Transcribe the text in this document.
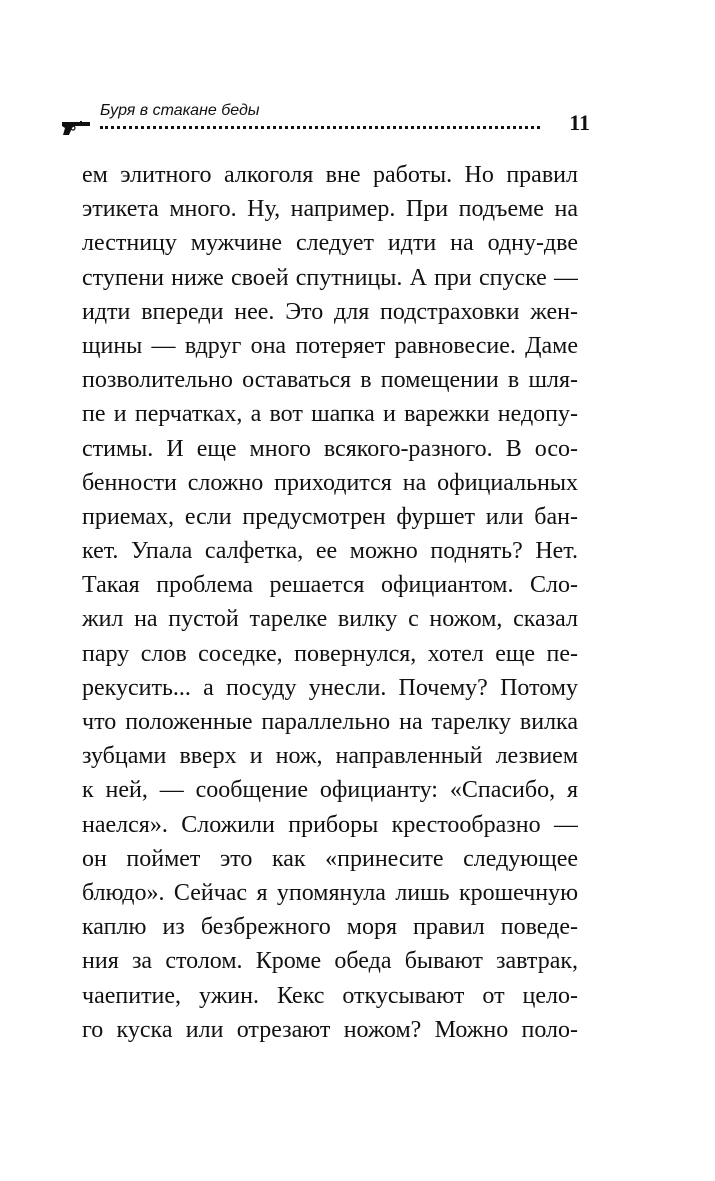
Буря в стакане беды	11
ем элитного алкоголя вне работы. Но правил
этикета много. Ну, например. При подъеме на
лестницу мужчине следует идти на одну-две
ступени ниже своей спутницы. А при спуске —
идти впереди нее. Это для подстраховки жен-
щины — вдруг она потеряет равновесие. Даме
позволительно оставаться в помещении в шля-
пе и перчатках, а вот шапка и варежки недопу-
стимы. И еще много всякого-разного. В осо-
бенности сложно приходится на официальных
приемах, если предусмотрен фуршет или бан-
кет. Упала салфетка, ее можно поднять? Нет.
Такая проблема решается официантом. Сло-
жил на пустой тарелке вилку с ножом, сказал
пару слов соседке, повернулся, хотел еще пе-
рекусить... а посуду унесли. Почему? Потому
что положенные параллельно на тарелку вилка
зубцами вверх и нож, направленный лезвием
к ней, — сообщение официанту: «Спасибо, я
наелся». Сложили приборы крестообразно —
он поймет это как «принесите следующее
блюдо». Сейчас я упомянула лишь крошечную
каплю из безбрежного моря правил поведе-
ния за столом. Кроме обеда бывают завтрак,
чаепитие, ужин. Кекс откусывают от цело-
го куска или отрезают ножом? Можно поло-
